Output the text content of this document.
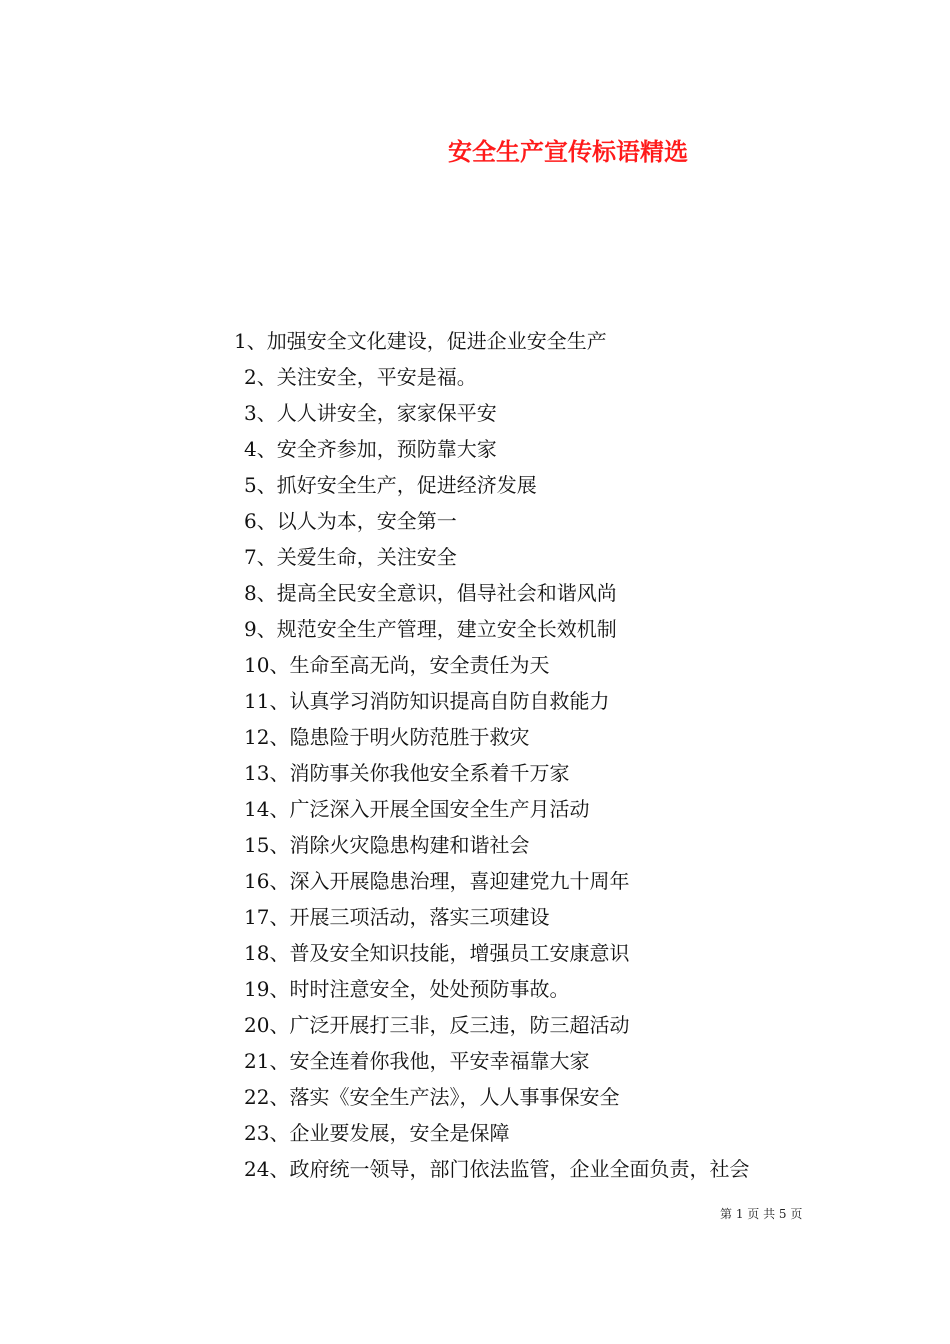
安全生产宣传标语精选
1、加强安全文化建设，促进企业安全生产
2、关注安全，平安是福。
3、人人讲安全，家家保平安
4、安全齐参加，预防靠大家
5、抓好安全生产，促进经济发展
6、以人为本，安全第一
7、关爱生命，关注安全
8、提高全民安全意识，倡导社会和谐风尚
9、规范安全生产管理，建立安全长效机制
10、生命至高无尚，安全责任为天
11、认真学习消防知识提高自防自救能力
12、隐患险于明火防范胜于救灾
13、消防事关你我他安全系着千万家
14、广泛深入开展全国安全生产月活动
15、消除火灾隐患构建和谐社会
16、深入开展隐患治理，喜迎建党九十周年
17、开展三项活动，落实三项建设
18、普及安全知识技能，增强员工安康意识
19、时时注意安全，处处预防事故。
20、广泛开展打三非，反三违，防三超活动
21、安全连着你我他，平安幸福靠大家
22、落实《安全生产法》，人人事事保安全
23、企业要发展，安全是保障
24、政府统一领导，部门依法监管，企业全面负责，社会
第 1 页 共 5 页
